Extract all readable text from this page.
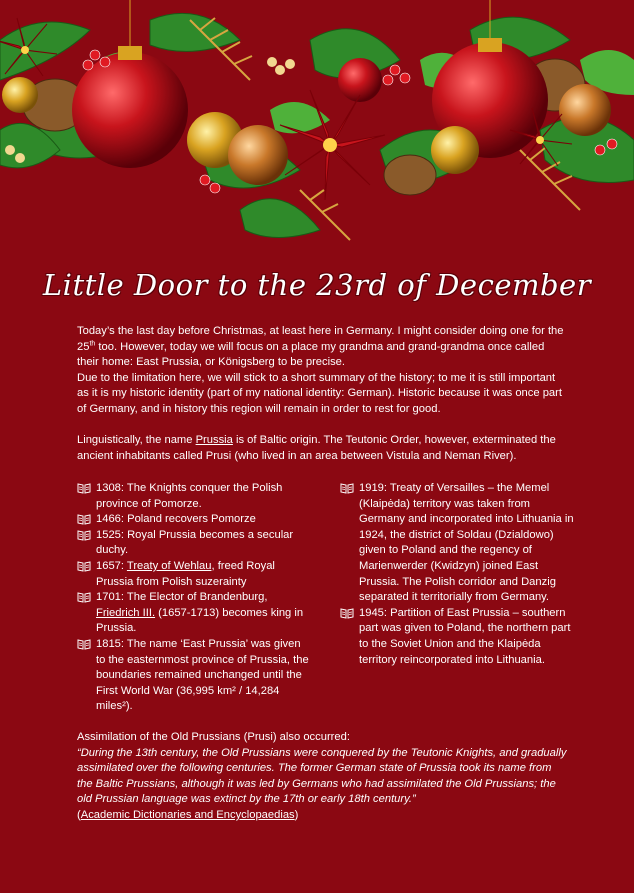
Little Door to the 23rd of December

Today’s the last day before Christmas, at least here in Germany. I might consider doing one for the 25th too. However, today we will focus on a place my grandma and grand-grandma once called their home: East Prussia, or Königsberg to be precise.

Due to the limitation here, we will stick to a short summary of the history; to me it is still important as it is my historic identity (part of my national identity: German). Historic because it was once part of Germany, and in history this region will remain in order to rest for good.

Linguistically, the name Prussia is of Baltic origin. The Teutonic Order, however, exterminated the ancient inhabitants called Prusi (who lived in an area between Vistula and Neman River).

1308: The Knights conquer the Polish province of Pomorze.
1466: Poland recovers Pomorze
1525: Royal Prussia becomes a secular duchy.
1657: Treaty of Wehlau, freed Royal Prussia from Polish suzerainty
1701: The Elector of Brandenburg, Friedrich III. (1657-1713) becomes king in Prussia.
1815: The name ‘East Prussia’ was given to the easternmost province of Prussia, the boundaries remained unchanged until the First World War (36,995 km² / 14,284 miles²).
1919: Treaty of Versailles – the Memel (Klaipėda) territory was taken from Germany and incorporated into Lithuania in 1924, the district of Soldau (Dzialdowo) given to Poland and the regency of Marienwerder (Kwidzyn) joined East Prussia. The Polish corridor and Danzig separated it territorially from Germany.
1945: Partition of East Prussia – southern part was given to Poland, the northern part to the Soviet Union and the Klaipėda territory reincorporated into Lithuania.

Assimilation of the Old Prussians (Prusi) also occurred:

“During the 13th century, the Old Prussians were conquered by the Teutonic Knights, and gradually assimilated over the following centuries. The former German state of Prussia took its name from the Baltic Prussians, although it was led by Germans who had assimilated the Old Prussians; the old Prussian language was extinct by the 17th or early 18th century.”

(Academic Dictionaries and Encyclopaedias)
